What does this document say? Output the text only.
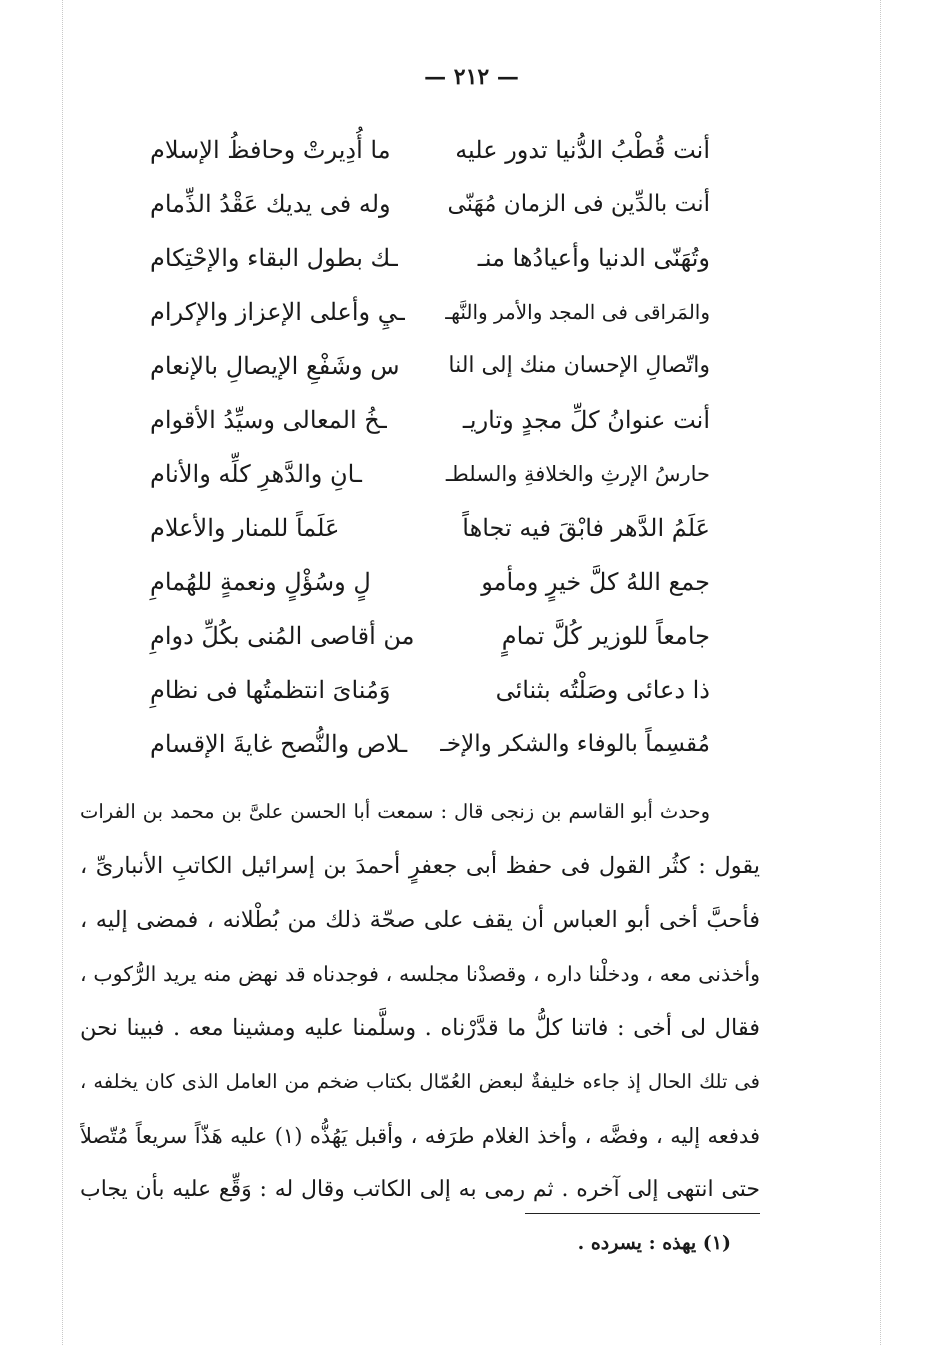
— ٢١٢ —
أنت قُطْبُ الدُّنيا تدور عليه
ما أُدِيرتْ وحافظُ الإسلام
أنت بالدِّين فى الزمان مُهَنّى
وله فى يديك عَقْدُ الذِّمام
وتُهَنّى الدنيا وأعيادُها منـ
ـك بطول البقاء والإحْتِكام
والمَراقى فى المجد والأمر والنَّهـ
ـيِ وأعلى الإعزاز والإكرام
واتّصالِ الإحسان منك إلى النا
س وشَفْعِ الإيصالِ بالإنعام
أنت عنوانُ كلِّ مجدٍ وتاريـ
ـخُ المعالى وسيِّدُ الأقوام
حارسُ الإرثِ والخلافةِ والسلطـ
ـانِ والدَّهرِ كلِّه والأنام
عَلَمُ الدَّهر فابْقَ فيه تجاهاً
عَلَماً للمنار والأعلام
جمع اللهُ كلَّ خيرٍ ومأمو
لٍ وسُؤْلٍ ونعمةٍ للهُمامِ
جامعاً للوزير كُلَّ تمامٍ
من أقاصى المُنى بكُلِّ دوامِ
ذا دعائى وصَلْتُه بثنائى
وَمُناىَ انتظمتُها فى نظامِ
مُقسِماً بالوفاء والشكر والإخـ
ـلاص والنُّصح غايةَ الإقسام
وحدث أبو القاسم بن زنجى قال : سمعت أبا الحسن علىَّ بن محمد بن الفرات
يقول : كثُر القول فى حفظ أبى جعفرٍ أحمدَ بن إسرائيل الكاتبِ الأنبارىِّ ،
فأحبَّ أخى أبو العباس أن يقف على صحّة ذلك من بُطْلانه ، فمضى إليه ،
وأخذنى معه ، ودخلْنا داره ، وقصدْنا مجلسه ، فوجدناه قد نهض منه يريد الرُّكوب ،
فقال لى أخى : فاتنا كلُّ ما قدَّرْناه . وسلَّمنا عليه ومشينا معه . فبينا نحن
فى تلك الحال إذ جاءه خليفةٌ لبعض العُمّال بكتاب ضخم من العامل الذى كان يخلفه ،
فدفعه إليه ، وفضَّه ، وأخذ الغلام طرَفه ، وأقبل يَهُذُّه (١) عليه هَذّاً سريعاً مُتّصلاً
حتى انتهى إلى آخره . ثم رمى به إلى الكاتب وقال له : وَقِّع عليه بأن يجاب
(١) يهذه : يسرده .
